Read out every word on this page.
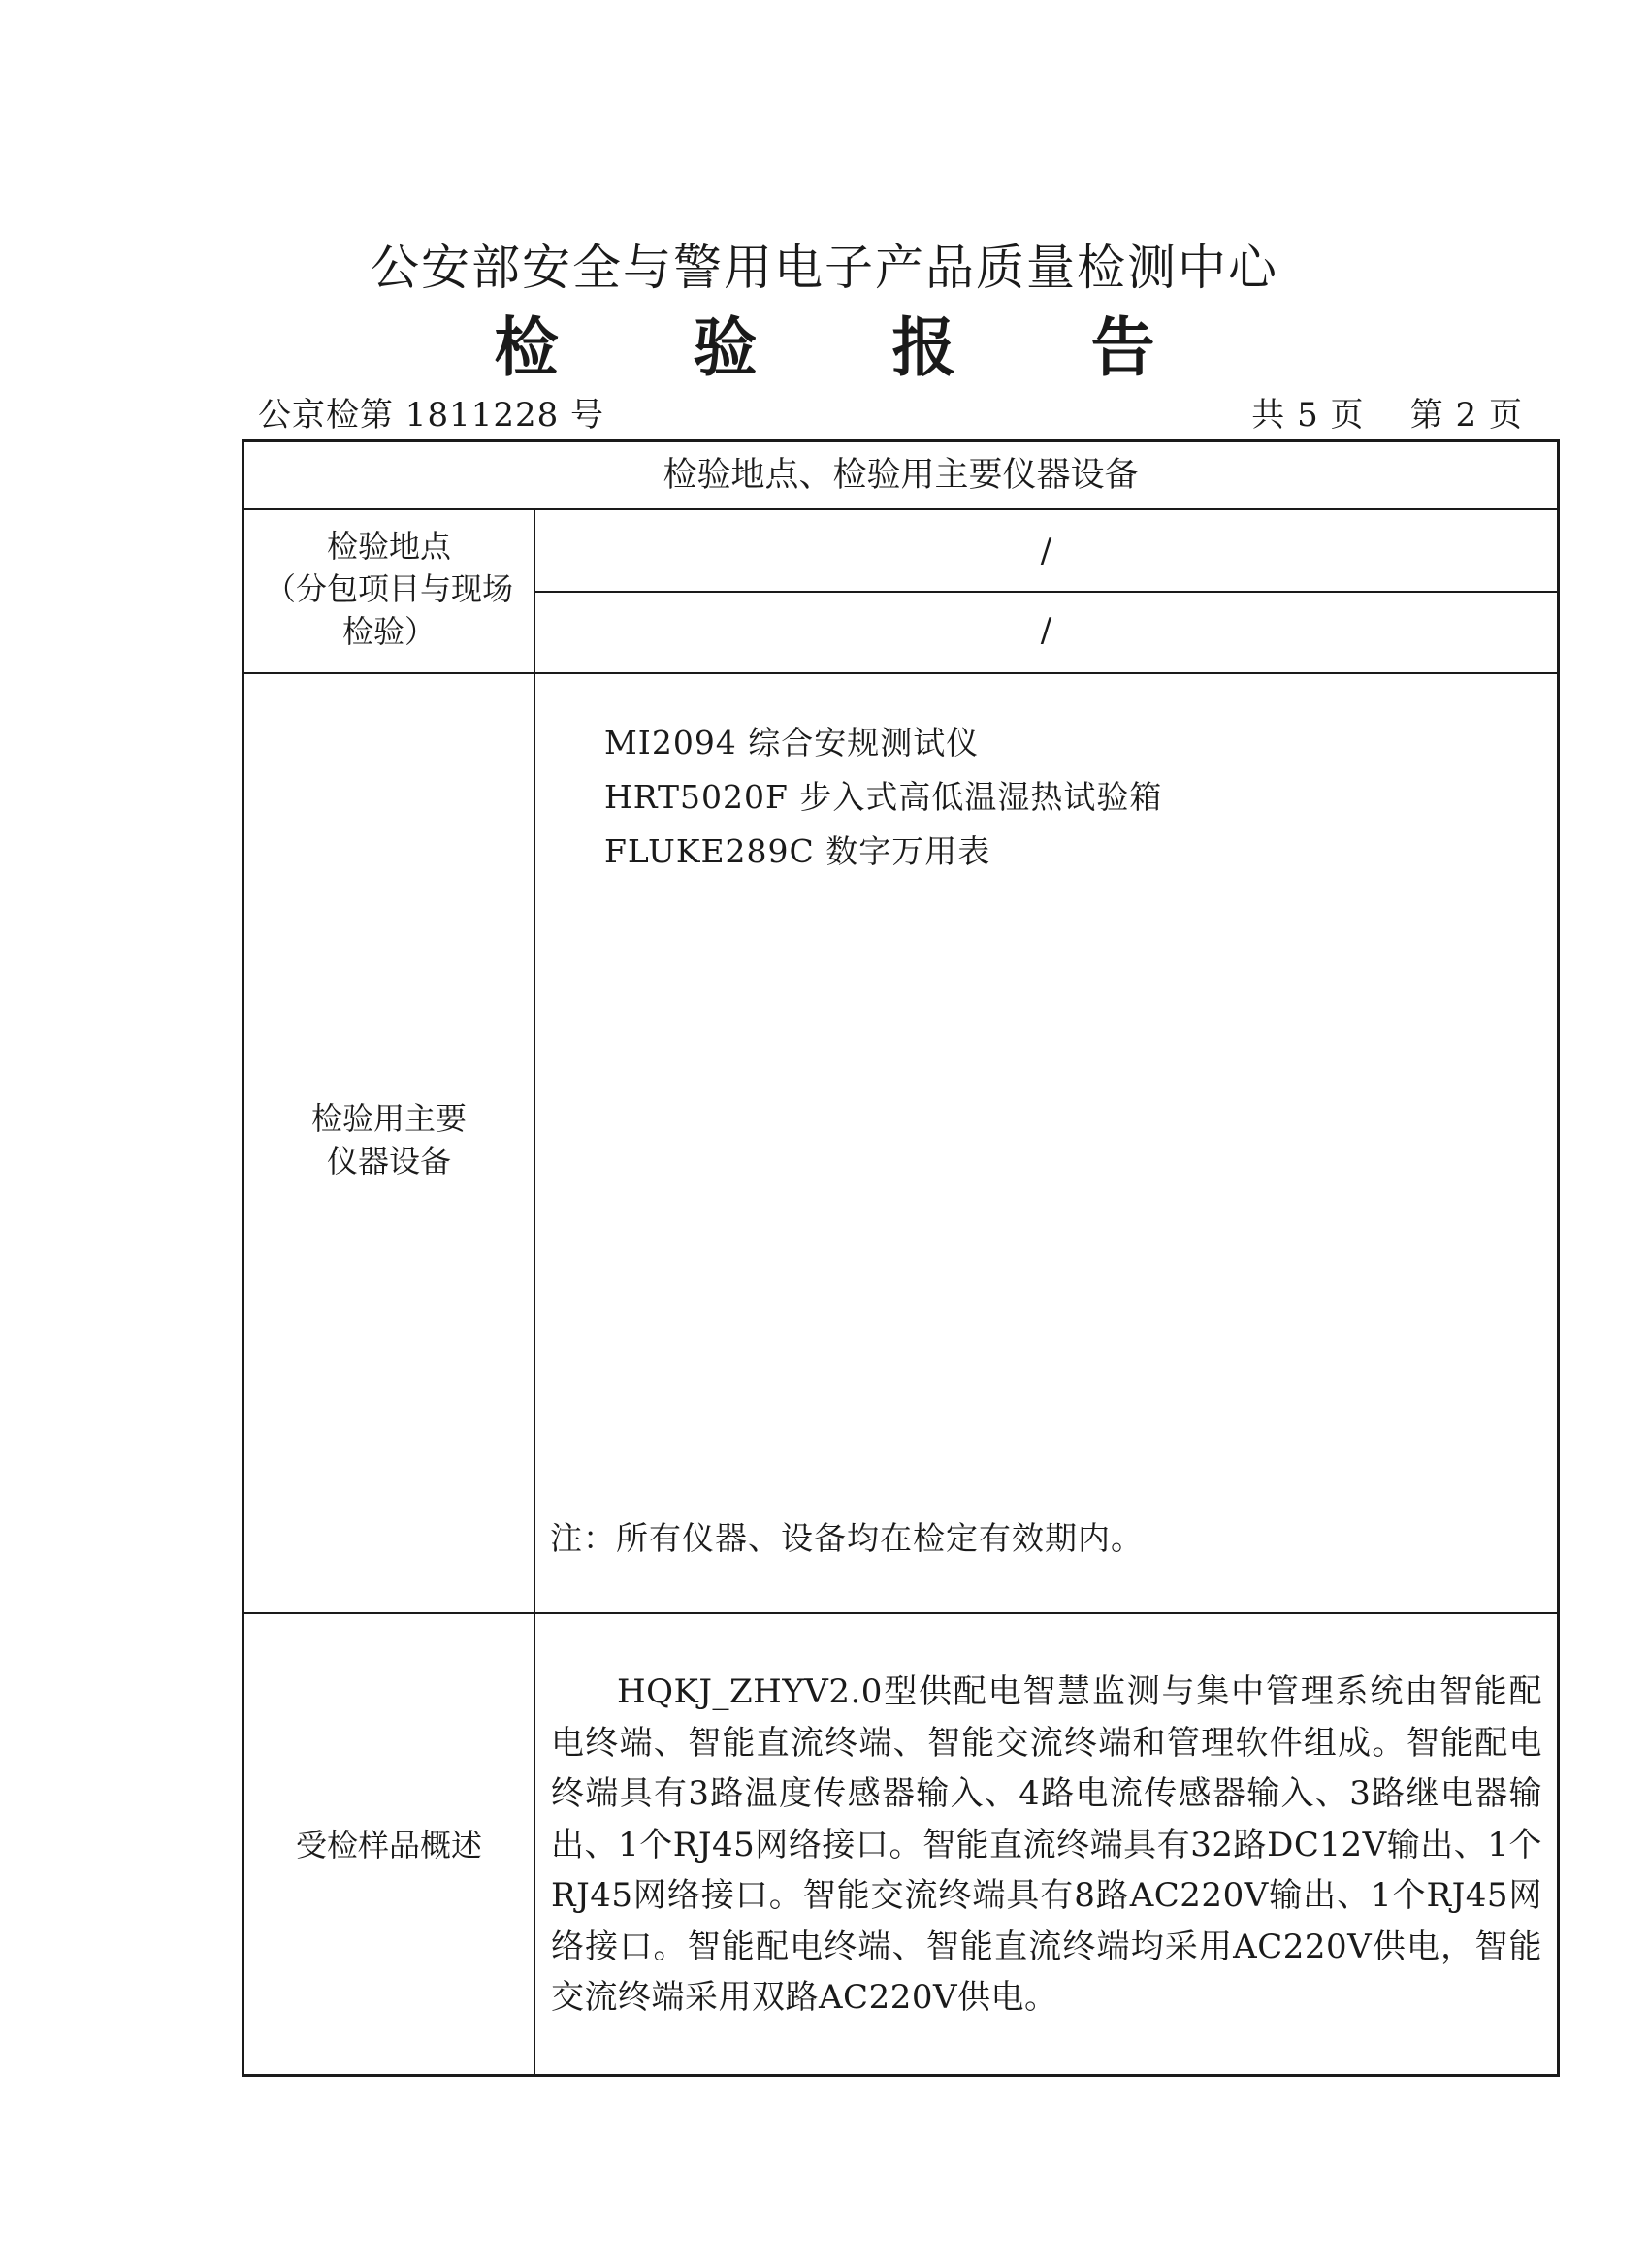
公安部安全与警用电子产品质量检测中心
检 验 报 告
公京检第 1811228 号	共 5 页    第 2 页
检验地点、检验用主要仪器设备
检验地点
（分包项目与现场
检验）
/
/
检验用主要
仪器设备
MI2094 综合安规测试仪
HRT5020F 步入式高低温湿热试验箱
FLUKE289C 数字万用表
注：所有仪器、设备均在检定有效期内。
受检样品概述
HQKJ_ZHYV2.0型供配电智慧监测与集中管理系统由智能配电终端、智能直流终端、智能交流终端和管理软件组成。智能配电终端具有3路温度传感器输入、4路电流传感器输入、3路继电器输出、1个RJ45网络接口。智能直流终端具有32路DC12V输出、1个RJ45网络接口。智能交流终端具有8路AC220V输出、1个RJ45网络接口。智能配电终端、智能直流终端均采用AC220V供电，智能交流终端采用双路AC220V供电。
